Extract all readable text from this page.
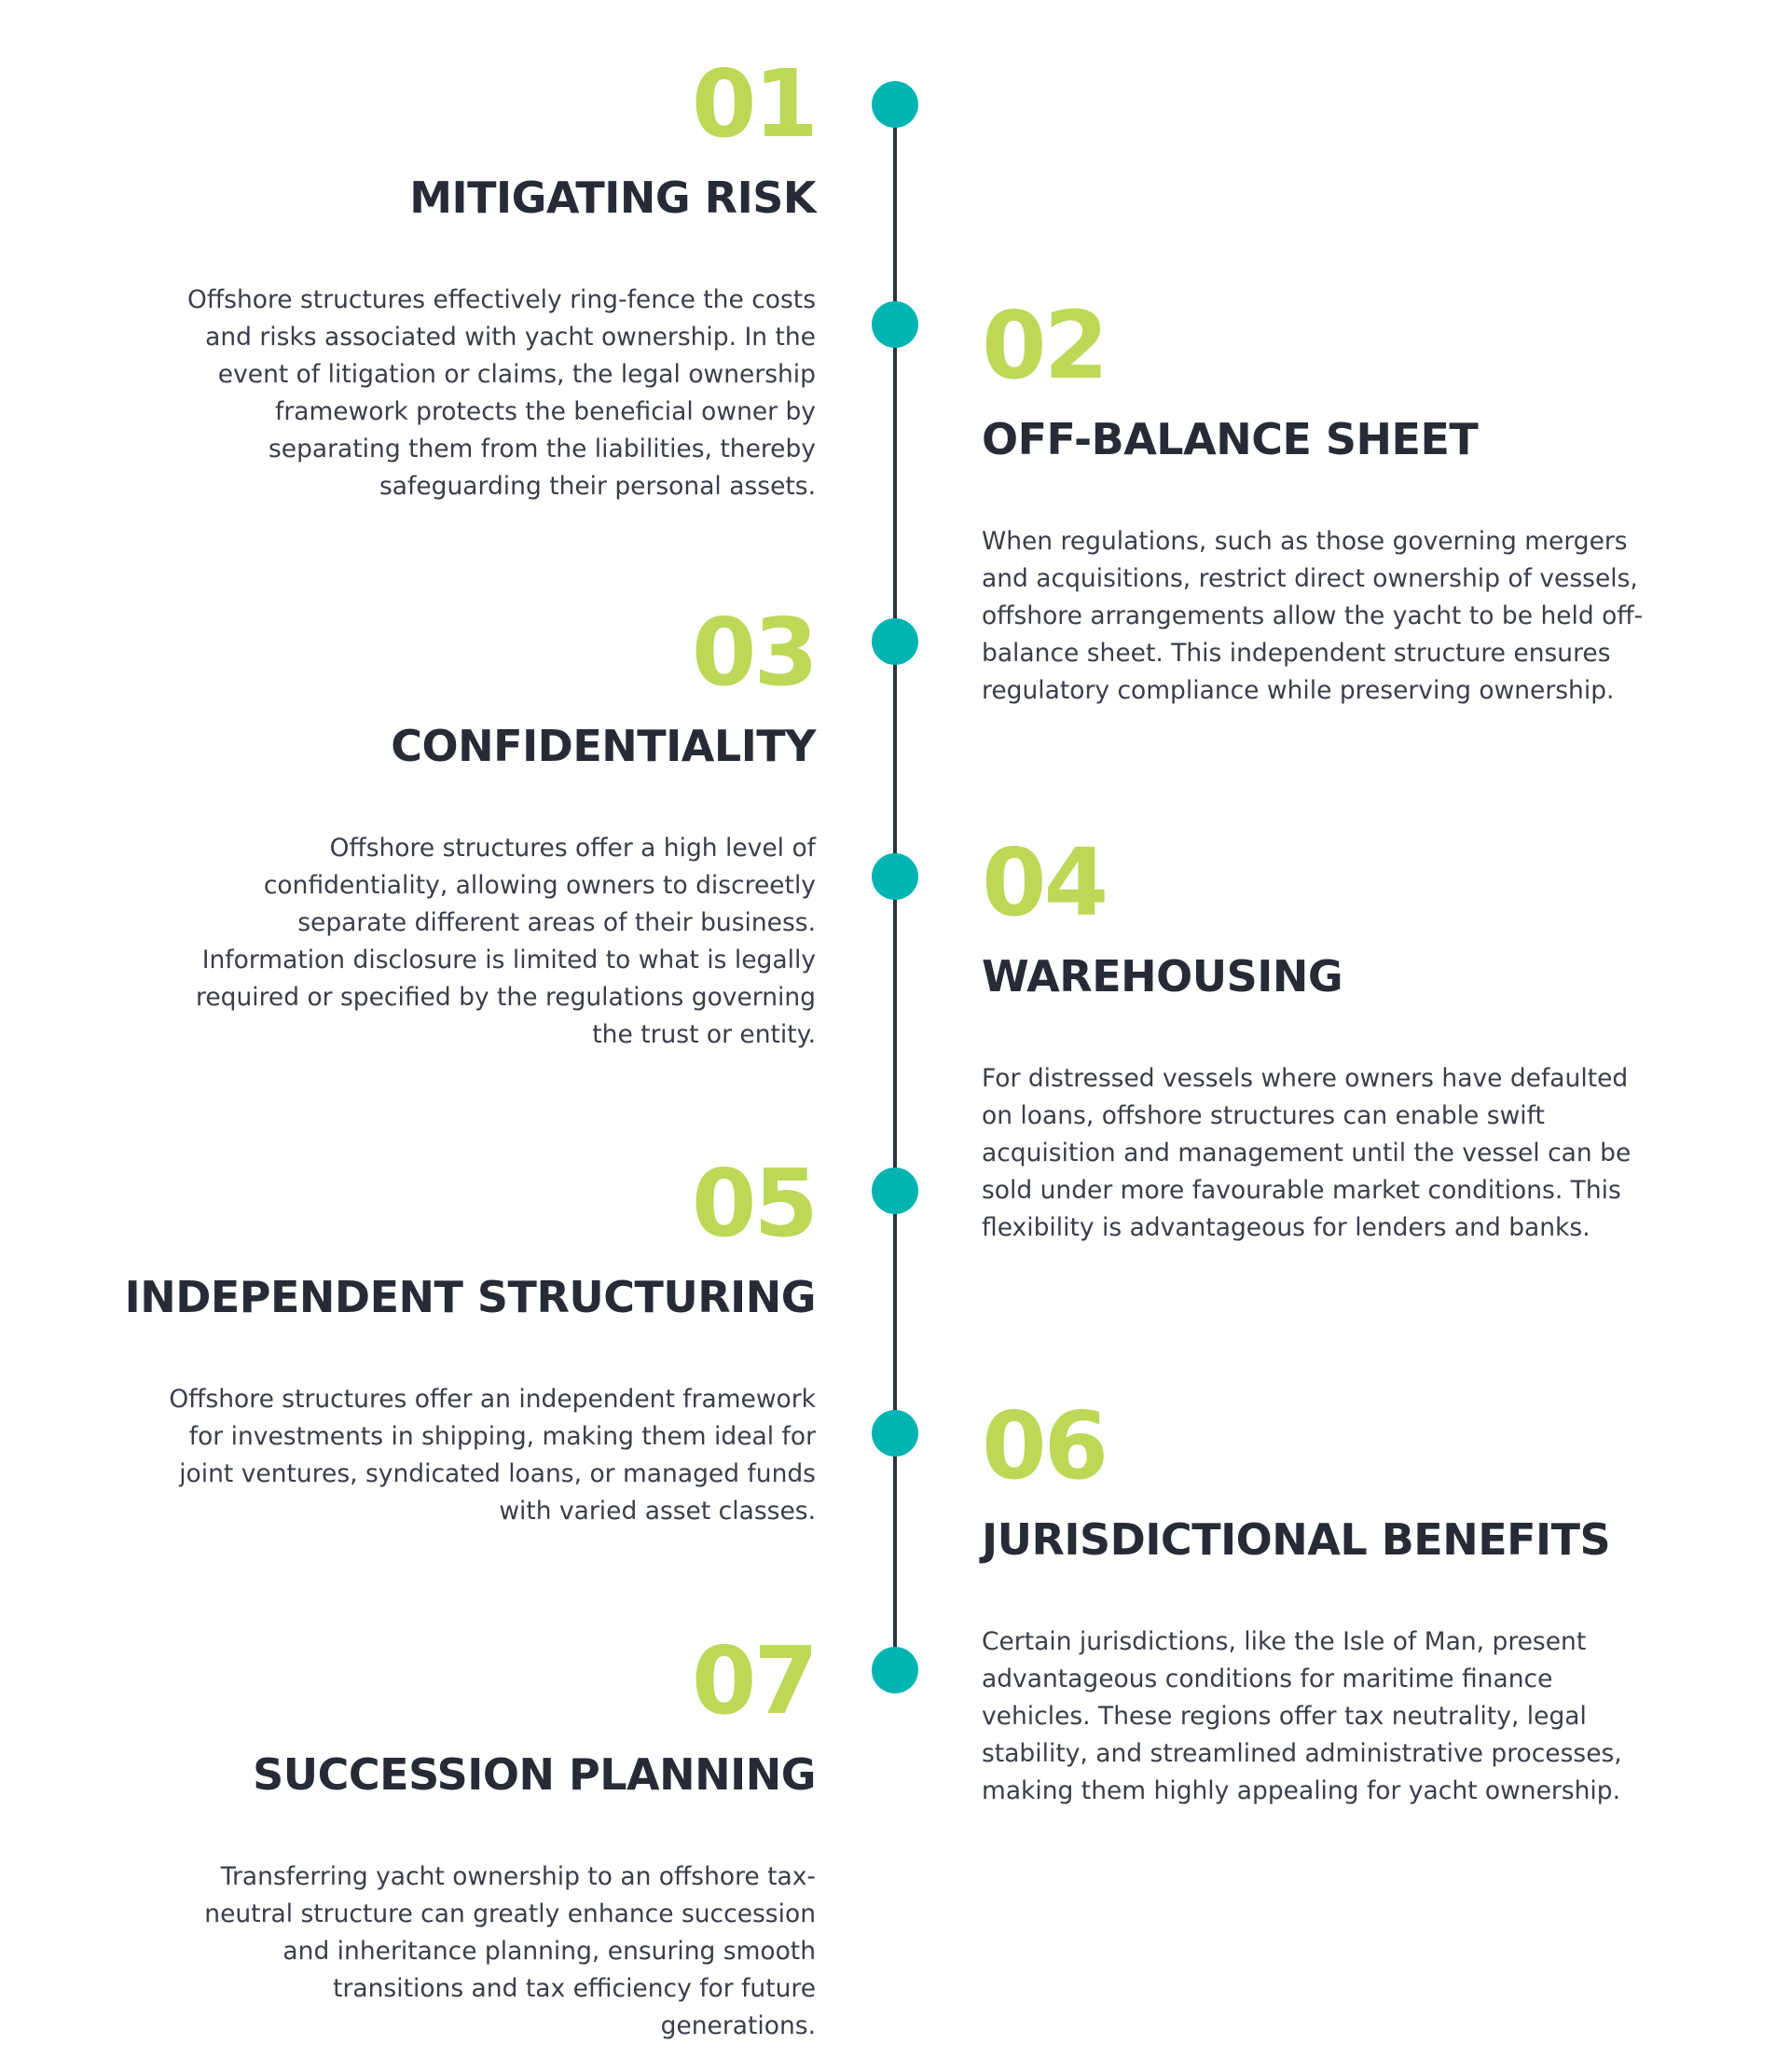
01
MITIGATING RISK
Offshore structures effectively ring-fence the costs
and risks associated with yacht ownership. In the
event of litigation or claims, the legal ownership
framework protects the beneficial owner by
separating them from the liabilities, thereby
safeguarding their personal assets.
02
OFF-BALANCE SHEET
When regulations, such as those governing mergers
and acquisitions, restrict direct ownership of vessels,
offshore arrangements allow the yacht to be held off-
balance sheet. This independent structure ensures
regulatory compliance while preserving ownership.
03
CONFIDENTIALITY
Offshore structures offer a high level of
confidentiality, allowing owners to discreetly
separate different areas of their business.
Information disclosure is limited to what is legally
required or specified by the regulations governing
the trust or entity.
04
WAREHOUSING
For distressed vessels where owners have defaulted
on loans, offshore structures can enable swift
acquisition and management until the vessel can be
sold under more favourable market conditions. This
flexibility is advantageous for lenders and banks.
05
INDEPENDENT STRUCTURING
Offshore structures offer an independent framework
for investments in shipping, making them ideal for
joint ventures, syndicated loans, or managed funds
with varied asset classes.
06
JURISDICTIONAL BENEFITS
Certain jurisdictions, like the Isle of Man, present
advantageous conditions for maritime finance
vehicles. These regions offer tax neutrality, legal
stability, and streamlined administrative processes,
making them highly appealing for yacht ownership.
07
SUCCESSION PLANNING
Transferring yacht ownership to an offshore tax-
neutral structure can greatly enhance succession
and inheritance planning, ensuring smooth
transitions and tax efficiency for future
generations.
